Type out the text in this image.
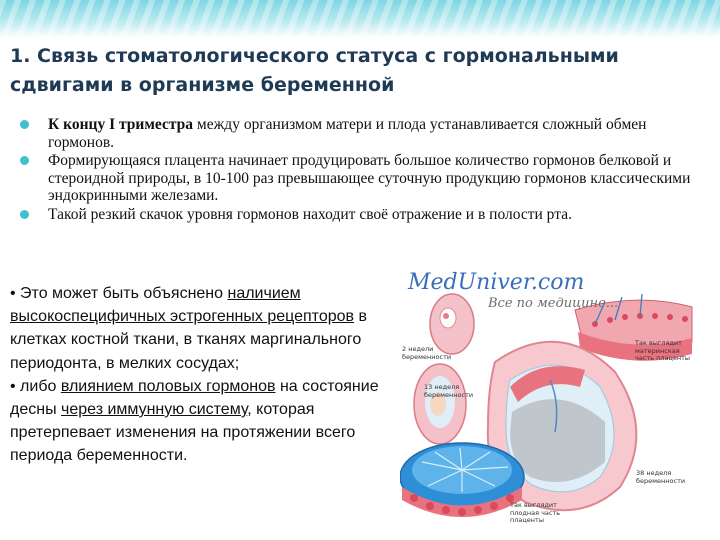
1. Связь стоматологического статуса с гормональными сдвигами в организме беременной
К концу I триместра между организмом матери и плода устанавливается сложный обмен гормонов.
Формирующаяся плацента начинает продуцировать большое количество гормонов белковой и стероидной природы, в 10-100 раз превышающее суточную продукцию гормонов классическими эндокринными железами.
Такой резкий скачок уровня гормонов находит своё отражение и в полости рта.

• Это может быть объяснено наличием высокоспецифичных эстрогенных рецепторов в клетках костной ткани, в тканях маргинального периодонта, в мелких сосудах;

• либо влиянием половых гормонов на состояние десны через иммунную систему, которая претерпевает изменения на протяжении всего периода беременности.

MedUniver.com
Все по медицине...
2 недели беременности
13 неделя беременности
Так выглядит материнская часть плаценты
38 неделя беременности
Так выглядит плодная часть плаценты
